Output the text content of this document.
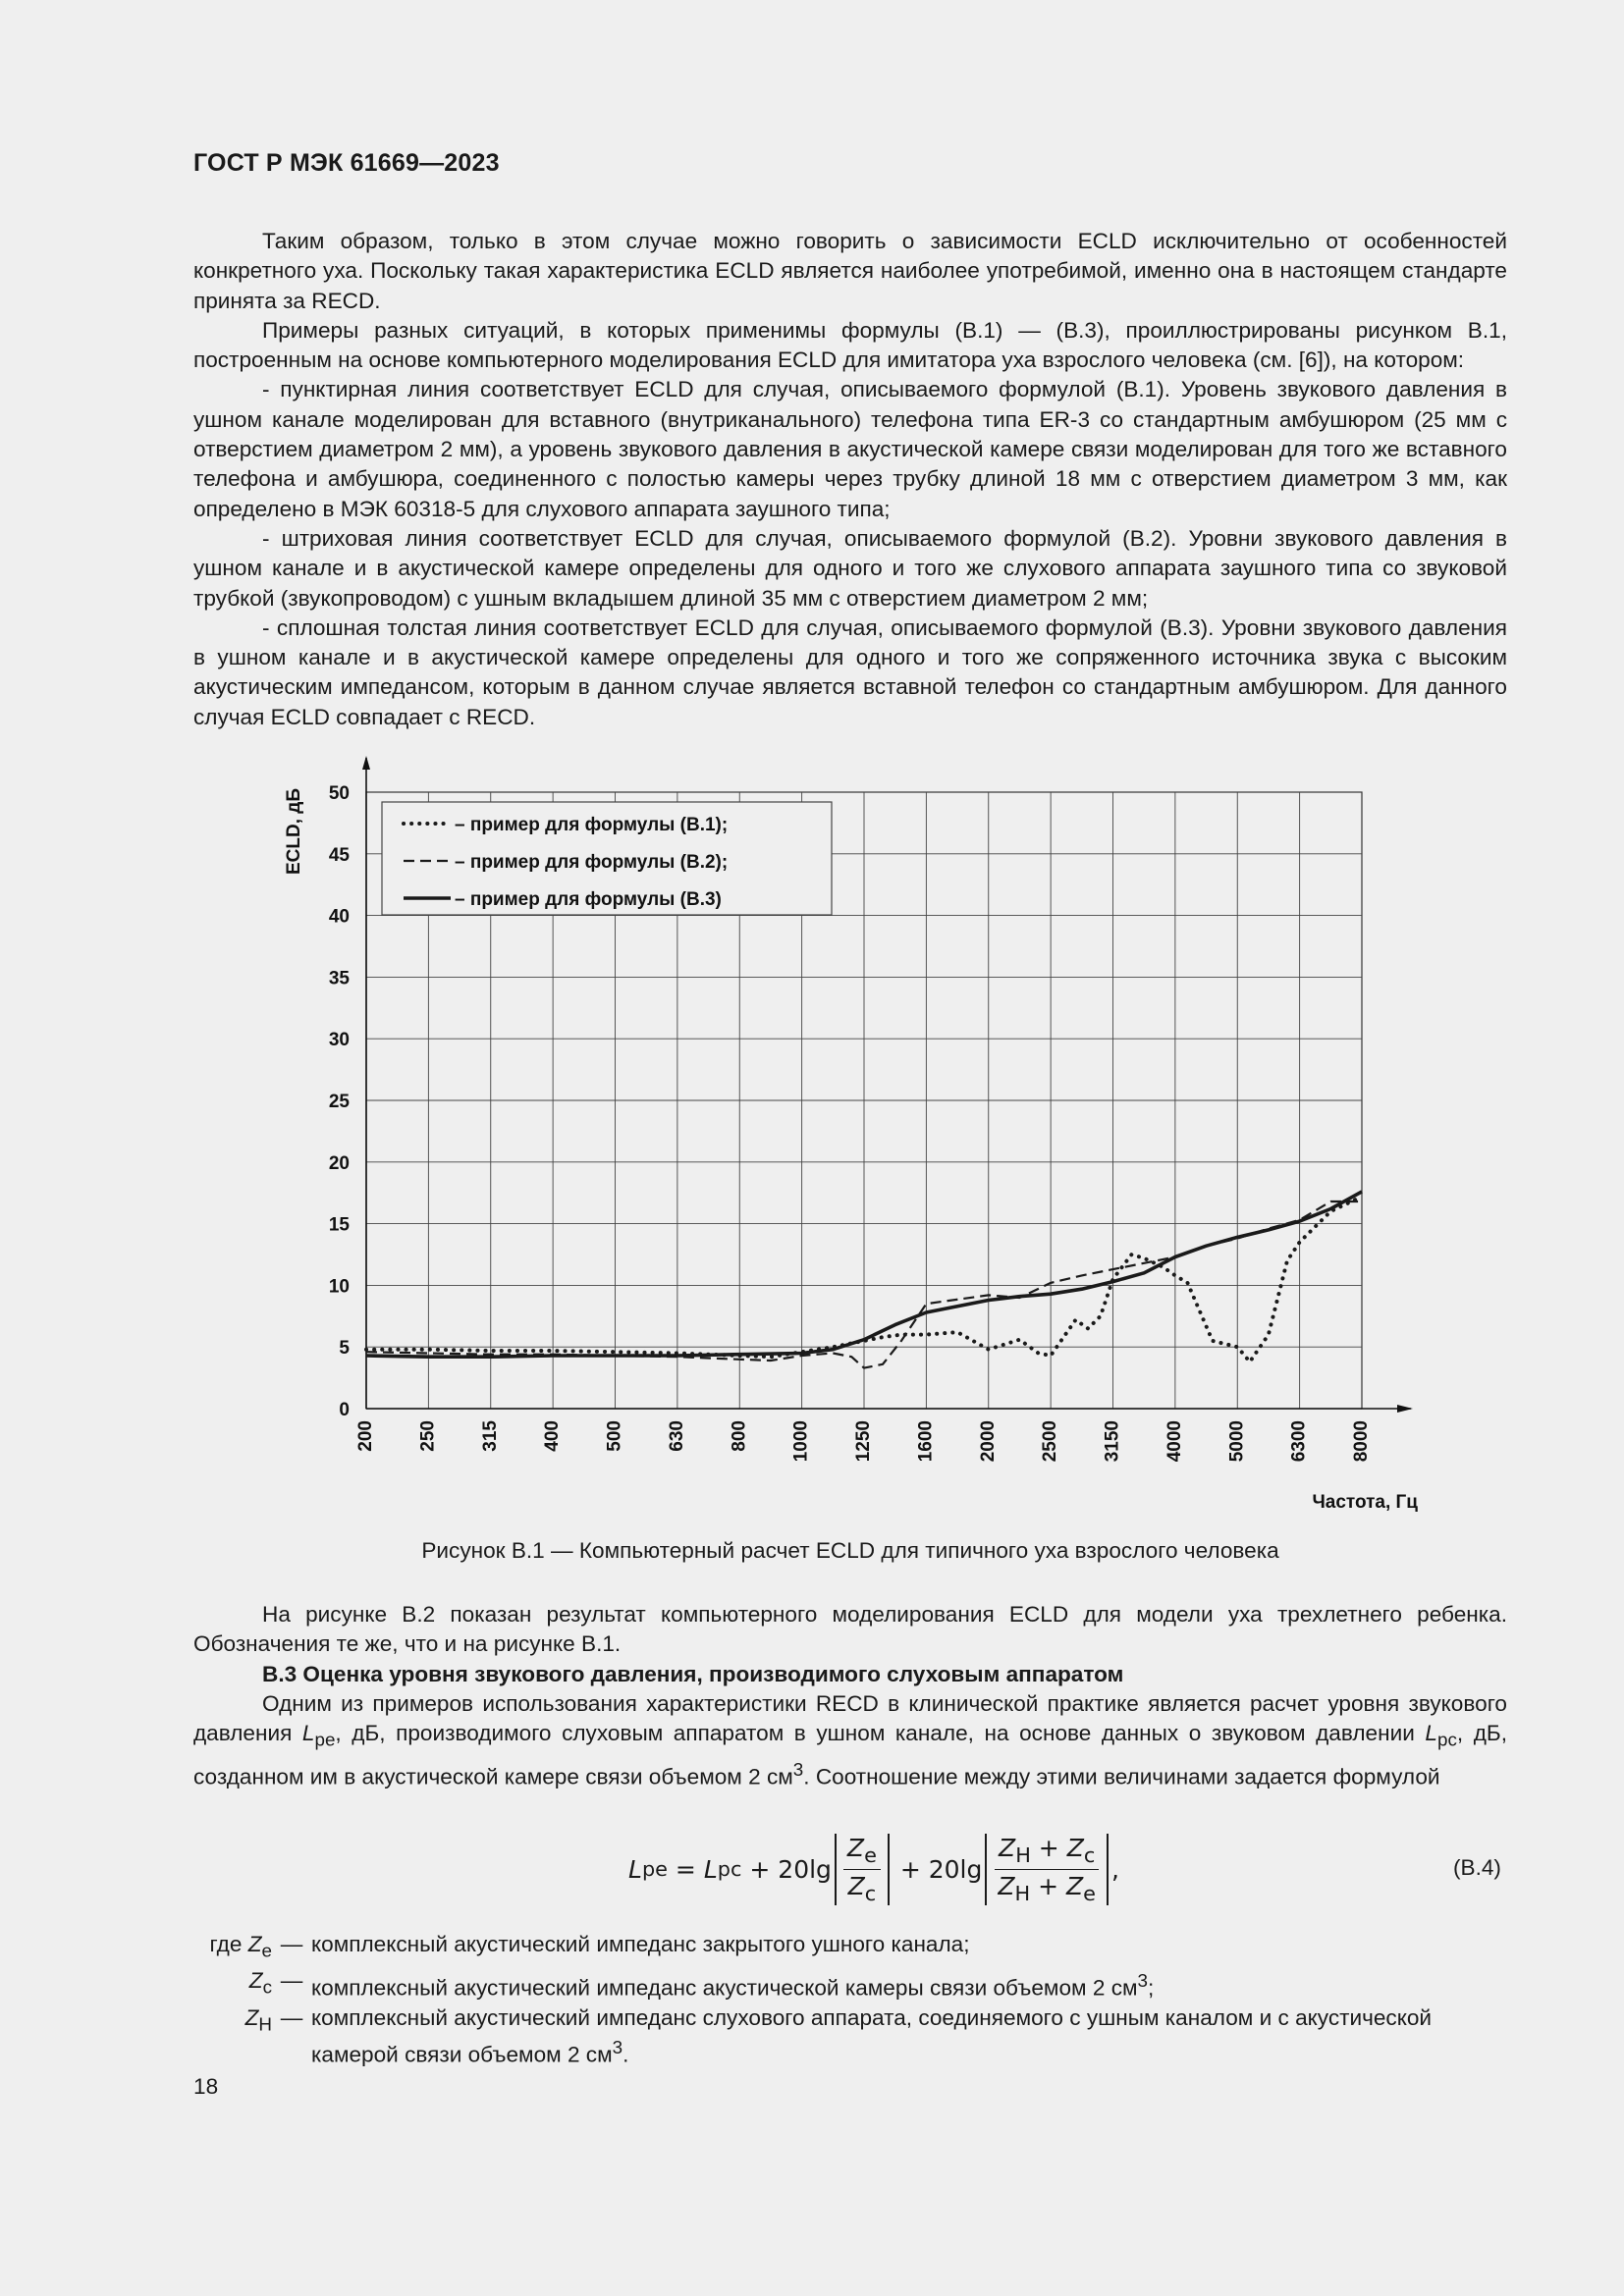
ГОСТ Р МЭК 61669—2023

Таким образом, только в этом случае можно говорить о зависимости ECLD исключительно от особенностей конкретного уха. Поскольку такая характеристика ECLD является наиболее употребимой, именно она в настоящем стандарте принята за RECD.

Примеры разных ситуаций, в которых применимы формулы (В.1) — (В.3), проиллюстрированы рисунком В.1, построенным на основе компьютерного моделирования ECLD для имитатора уха взрослого человека (см. [6]), на котором:

- пунктирная линия соответствует ECLD для случая, описываемого формулой (В.1). Уровень звукового давления в ушном канале моделирован для вставного (внутриканального) телефона типа ER-3 со стандартным амбушюром (25 мм с отверстием диаметром 2 мм), а уровень звукового давления в акустической камере связи моделирован для того же вставного телефона и амбушюра, соединенного с полостью камеры через трубку длиной 18 мм с отверстием диаметром 3 мм, как определено в МЭК 60318-5 для слухового аппарата заушного типа;

- штриховая линия соответствует ECLD для случая, описываемого формулой (В.2). Уровни звукового давления в ушном канале и в акустической камере определены для одного и того же слухового аппарата заушного типа со звуковой трубкой (звукопроводом) с ушным вкладышем длиной 35 мм с отверстием диаметром 2 мм;

- сплошная толстая линия соответствует ECLD для случая, описываемого формулой (В.3). Уровни звукового давления в ушном канале и в акустической камере определены для одного и того же сопряженного источника звука с высоким акустическим импедансом, которым в данном случае является вставной телефон со стандартным амбушюром. Для данного случая ECLD совпадает с RECD.

0
5
10
15
20
25
30
35
40
45
50
200 250 315 400 500 630 800 1000 1250 1600 2000 2500 3150 4000 5000 6300 8000
ECLD, дБ
Частота, Гц
– пример для формулы (В.1);
– пример для формулы (В.2);
– пример для формулы (В.3)
Рисунок В.1 — Компьютерный расчет ECLD для типичного уха взрослого человека

На рисунке В.2 показан результат компьютерного моделирования ECLD для модели уха трехлетнего ребенка. Обозначения те же, что и на рисунке В.1.

В.3 Оценка уровня звукового давления, производимого слуховым аппаратом

Одним из примеров использования характеристики RECD в клинической практике является расчет уровня звукового давления $L_{pe}$, дБ, производимого слуховым аппаратом в ушном канале, на основе данных о звуковом давлении $L_{pc}$, дБ, созданном им в акустической камере связи объемом 2 $см^3$. Соотношение между этими величинами задается формулой

L pe = L pc + $20\lg \frac{Z_e}{Z_c} + 20\lg \frac{Z_H + Z_c}{Z_H + Z_e}$ ,	(В.4)
где $Z_e$ — комплексный акустический импеданс закрытого ушного канала;
$Z_c$ — комплексный акустический импеданс акустической камеры связи объемом 2 $см^3$;
$Z_H$ — комплексный акустический импеданс слухового аппарата, соединяемого с ушным каналом и с акустической камерой связи объемом 2 $см^3$.
18
